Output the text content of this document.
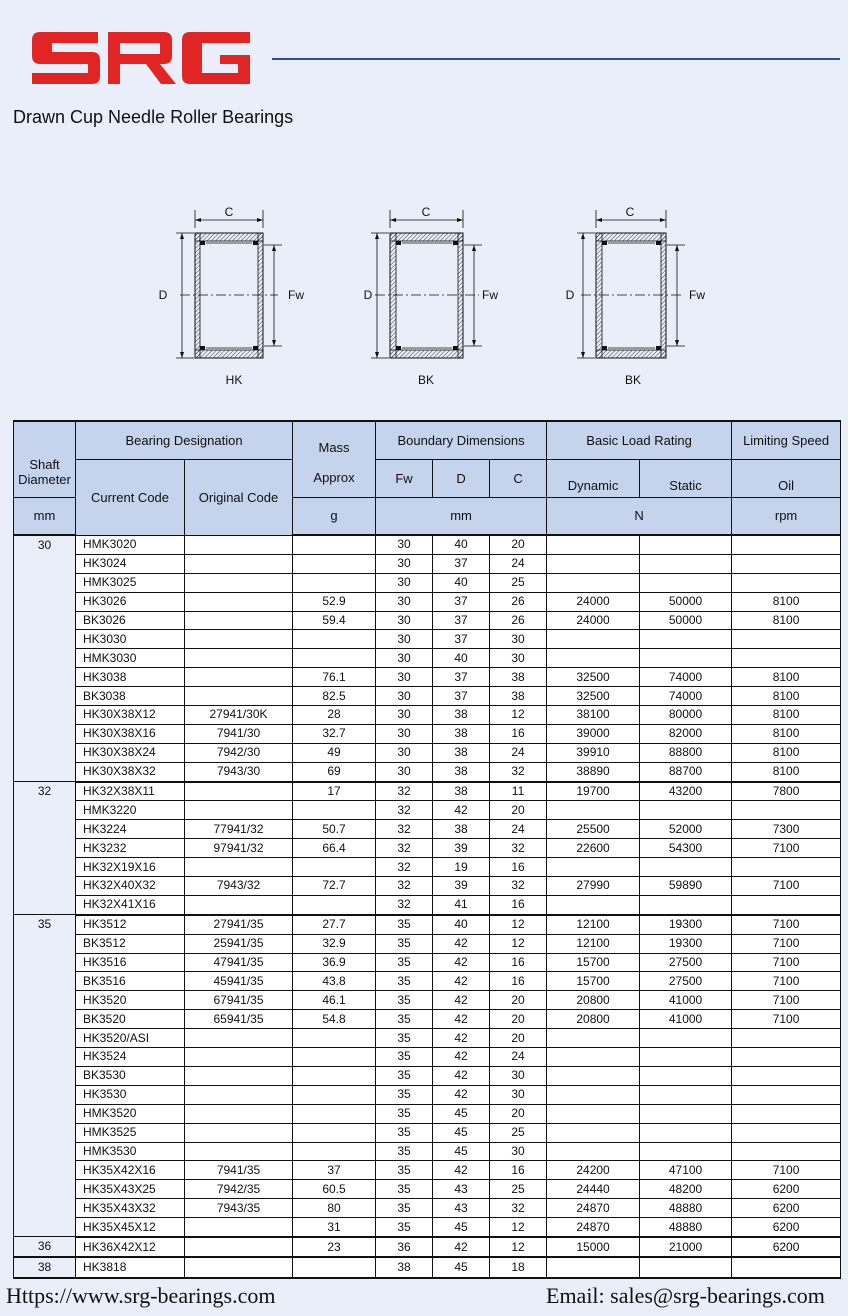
Drawn Cup Needle Roller Bearings
C
D	Fw
HK
C
D	Fw
BK
C
D	Fw
BK
Shaft Diameter	Bearing Designation		Mass	Boundary Dimensions			Basic Load Rating		Limiting Speed
	Current Code	Original Code	Approx	Fw	D	C	Dynamic	Static	Oil
mm			g	mm			N		rpm
30	HMK3020			30	40	20			
	HK3024			30	37	24			
	HMK3025			30	40	25			
	HK3026		52.9	30	37	26	24000	50000	8100
	BK3026		59.4	30	37	26	24000	50000	8100
	HK3030			30	37	30			
	HMK3030			30	40	30			
	HK3038		76.1	30	37	38	32500	74000	8100
	BK3038		82.5	30	37	38	32500	74000	8100
	HK30X38X12	27941/30K	28	30	38	12	38100	80000	8100
	HK30X38X16	7941/30	32.7	30	38	16	39000	82000	8100
	HK30X38X24	7942/30	49	30	38	24	39910	88800	8100
	HK30X38X32	7943/30	69	30	38	32	38890	88700	8100
32	HK32X38X11		17	32	38	11	19700	43200	7800
	HMK3220			32	42	20			
	HK3224	77941/32	50.7	32	38	24	25500	52000	7300
	HK3232	97941/32	66.4	32	39	32	22600	54300	7100
	HK32X19X16			32	19	16			
	HK32X40X32	7943/32	72.7	32	39	32	27990	59890	7100
	HK32X41X16			32	41	16			
35	HK3512	27941/35	27.7	35	40	12	12100	19300	7100
	BK3512	25941/35	32.9	35	42	12	12100	19300	7100
	HK3516	47941/35	36.9	35	42	16	15700	27500	7100
	BK3516	45941/35	43.8	35	42	16	15700	27500	7100
	HK3520	67941/35	46.1	35	42	20	20800	41000	7100
	BK3520	65941/35	54.8	35	42	20	20800	41000	7100
	HK3520/ASI			35	42	20			
	HK3524			35	42	24			
	BK3530			35	42	30			
	HK3530			35	42	30			
	HMK3520			35	45	20			
	HMK3525			35	45	25			
	HMK3530			35	45	30			
	HK35X42X16	7941/35	37	35	42	16	24200	47100	7100
	HK35X43X25	7942/35	60.5	35	43	25	24440	48200	6200
	HK35X43X32	7943/35	80	35	43	32	24870	48880	6200
	HK35X45X12		31	35	45	12	24870	48880	6200
36	HK36X42X12		23	36	42	12	15000	21000	6200
38	HK3818			38	45	18			
Https://www.srg-bearings.com	Email: sales@srg-bearings.com
